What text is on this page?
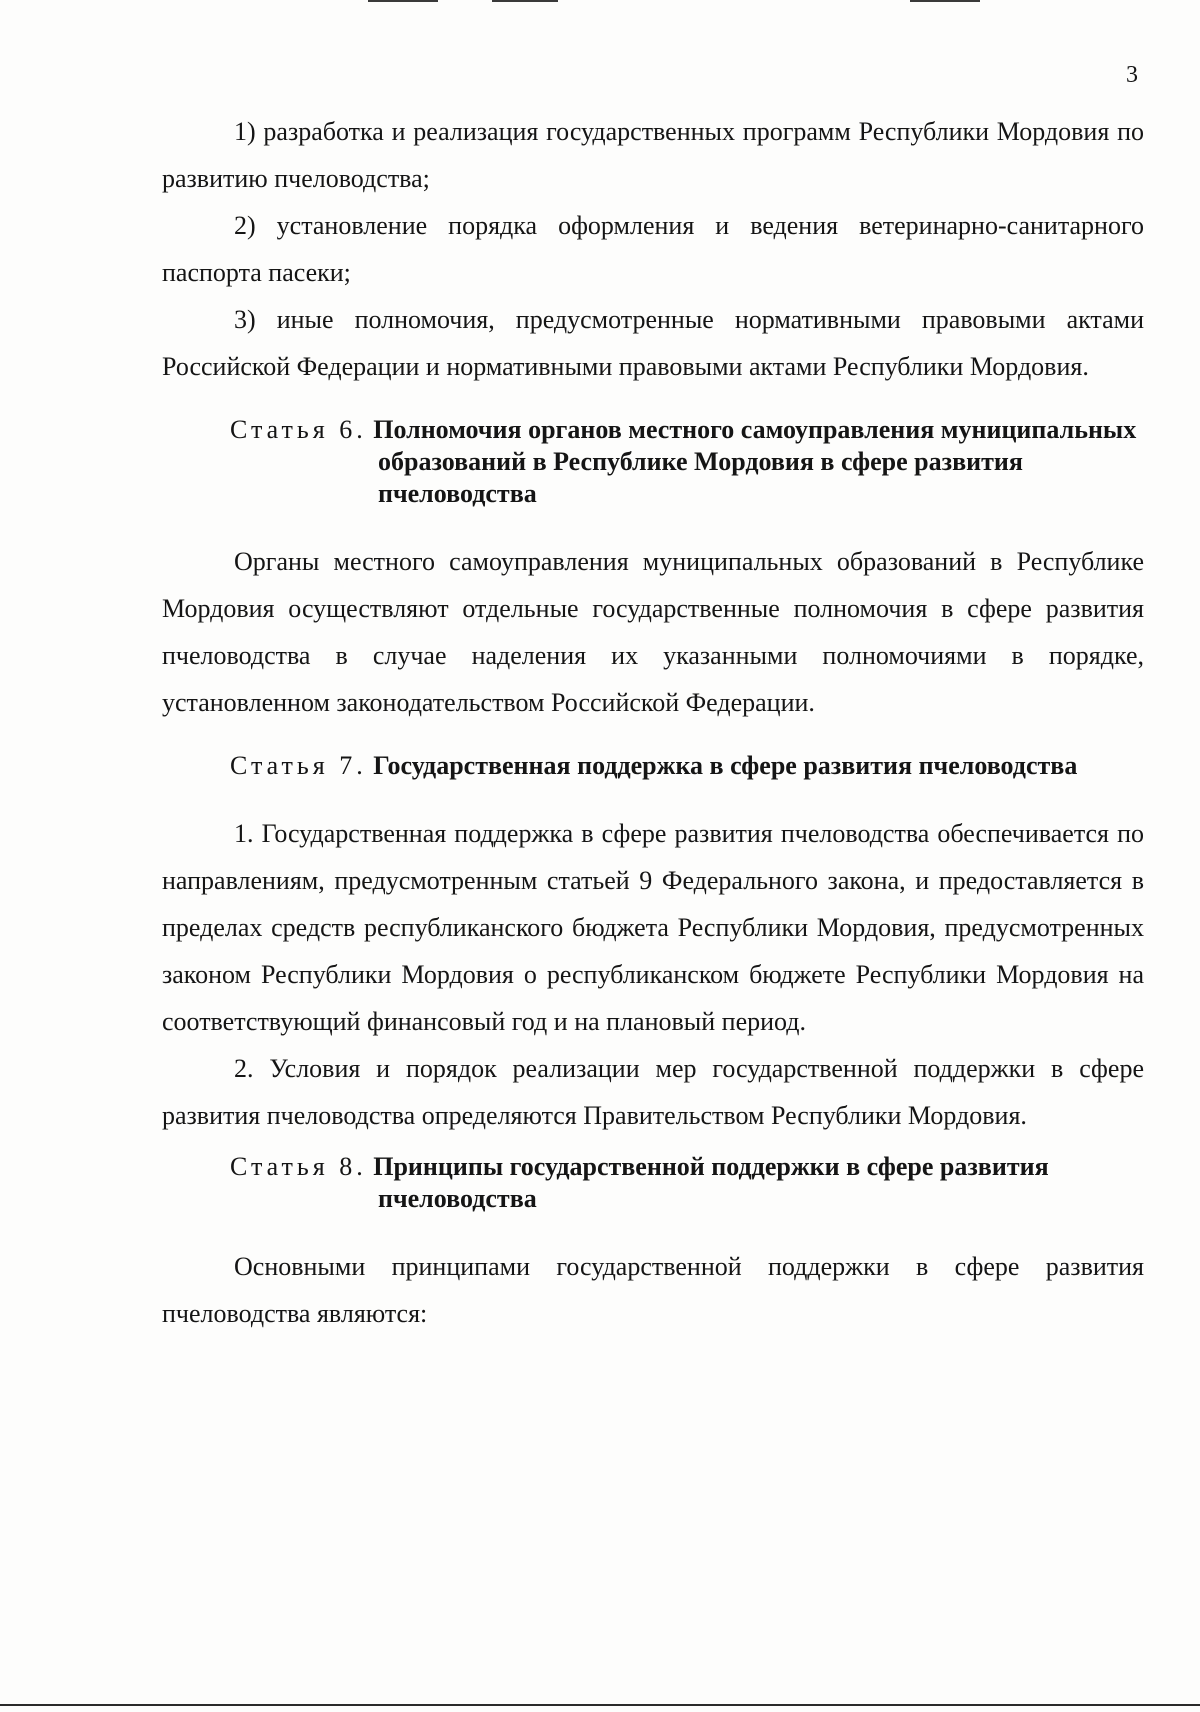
3

1) разработка и реализация государственных программ Республики Мордовия по развитию пчеловодства;

2) установление порядка оформления и ведения ветеринарно-санитарного паспорта пасеки;

3) иные полномочия, предусмотренные нормативными правовыми актами Российской Федерации и нормативными правовыми актами Республики Мордовия.

Статья 6. Полномочия органов местного самоуправления муниципальных образований в Республике Мордовия в сфере развития пчеловодства

Органы местного самоуправления муниципальных образований в Республике Мордовия осуществляют отдельные государственные полномочия в сфере развития пчеловодства в случае наделения их указанными полномочиями в порядке, установленном законодательством Российской Федерации.

Статья 7. Государственная поддержка в сфере развития пчеловодства

1. Государственная поддержка в сфере развития пчеловодства обеспечивается по направлениям, предусмотренным статьей 9 Федерального закона, и предоставляется в пределах средств республиканского бюджета Республики Мордовия, предусмотренных законом Республики Мордовия о республиканском бюджете Республики Мордовия на соответствующий финансовый год и на плановый период.

2. Условия и порядок реализации мер государственной поддержки в сфере развития пчеловодства определяются Правительством Республики Мордовия.

Статья 8. Принципы государственной поддержки в сфере развития пчеловодства

Основными принципами государственной поддержки в сфере развития пчеловодства являются:
